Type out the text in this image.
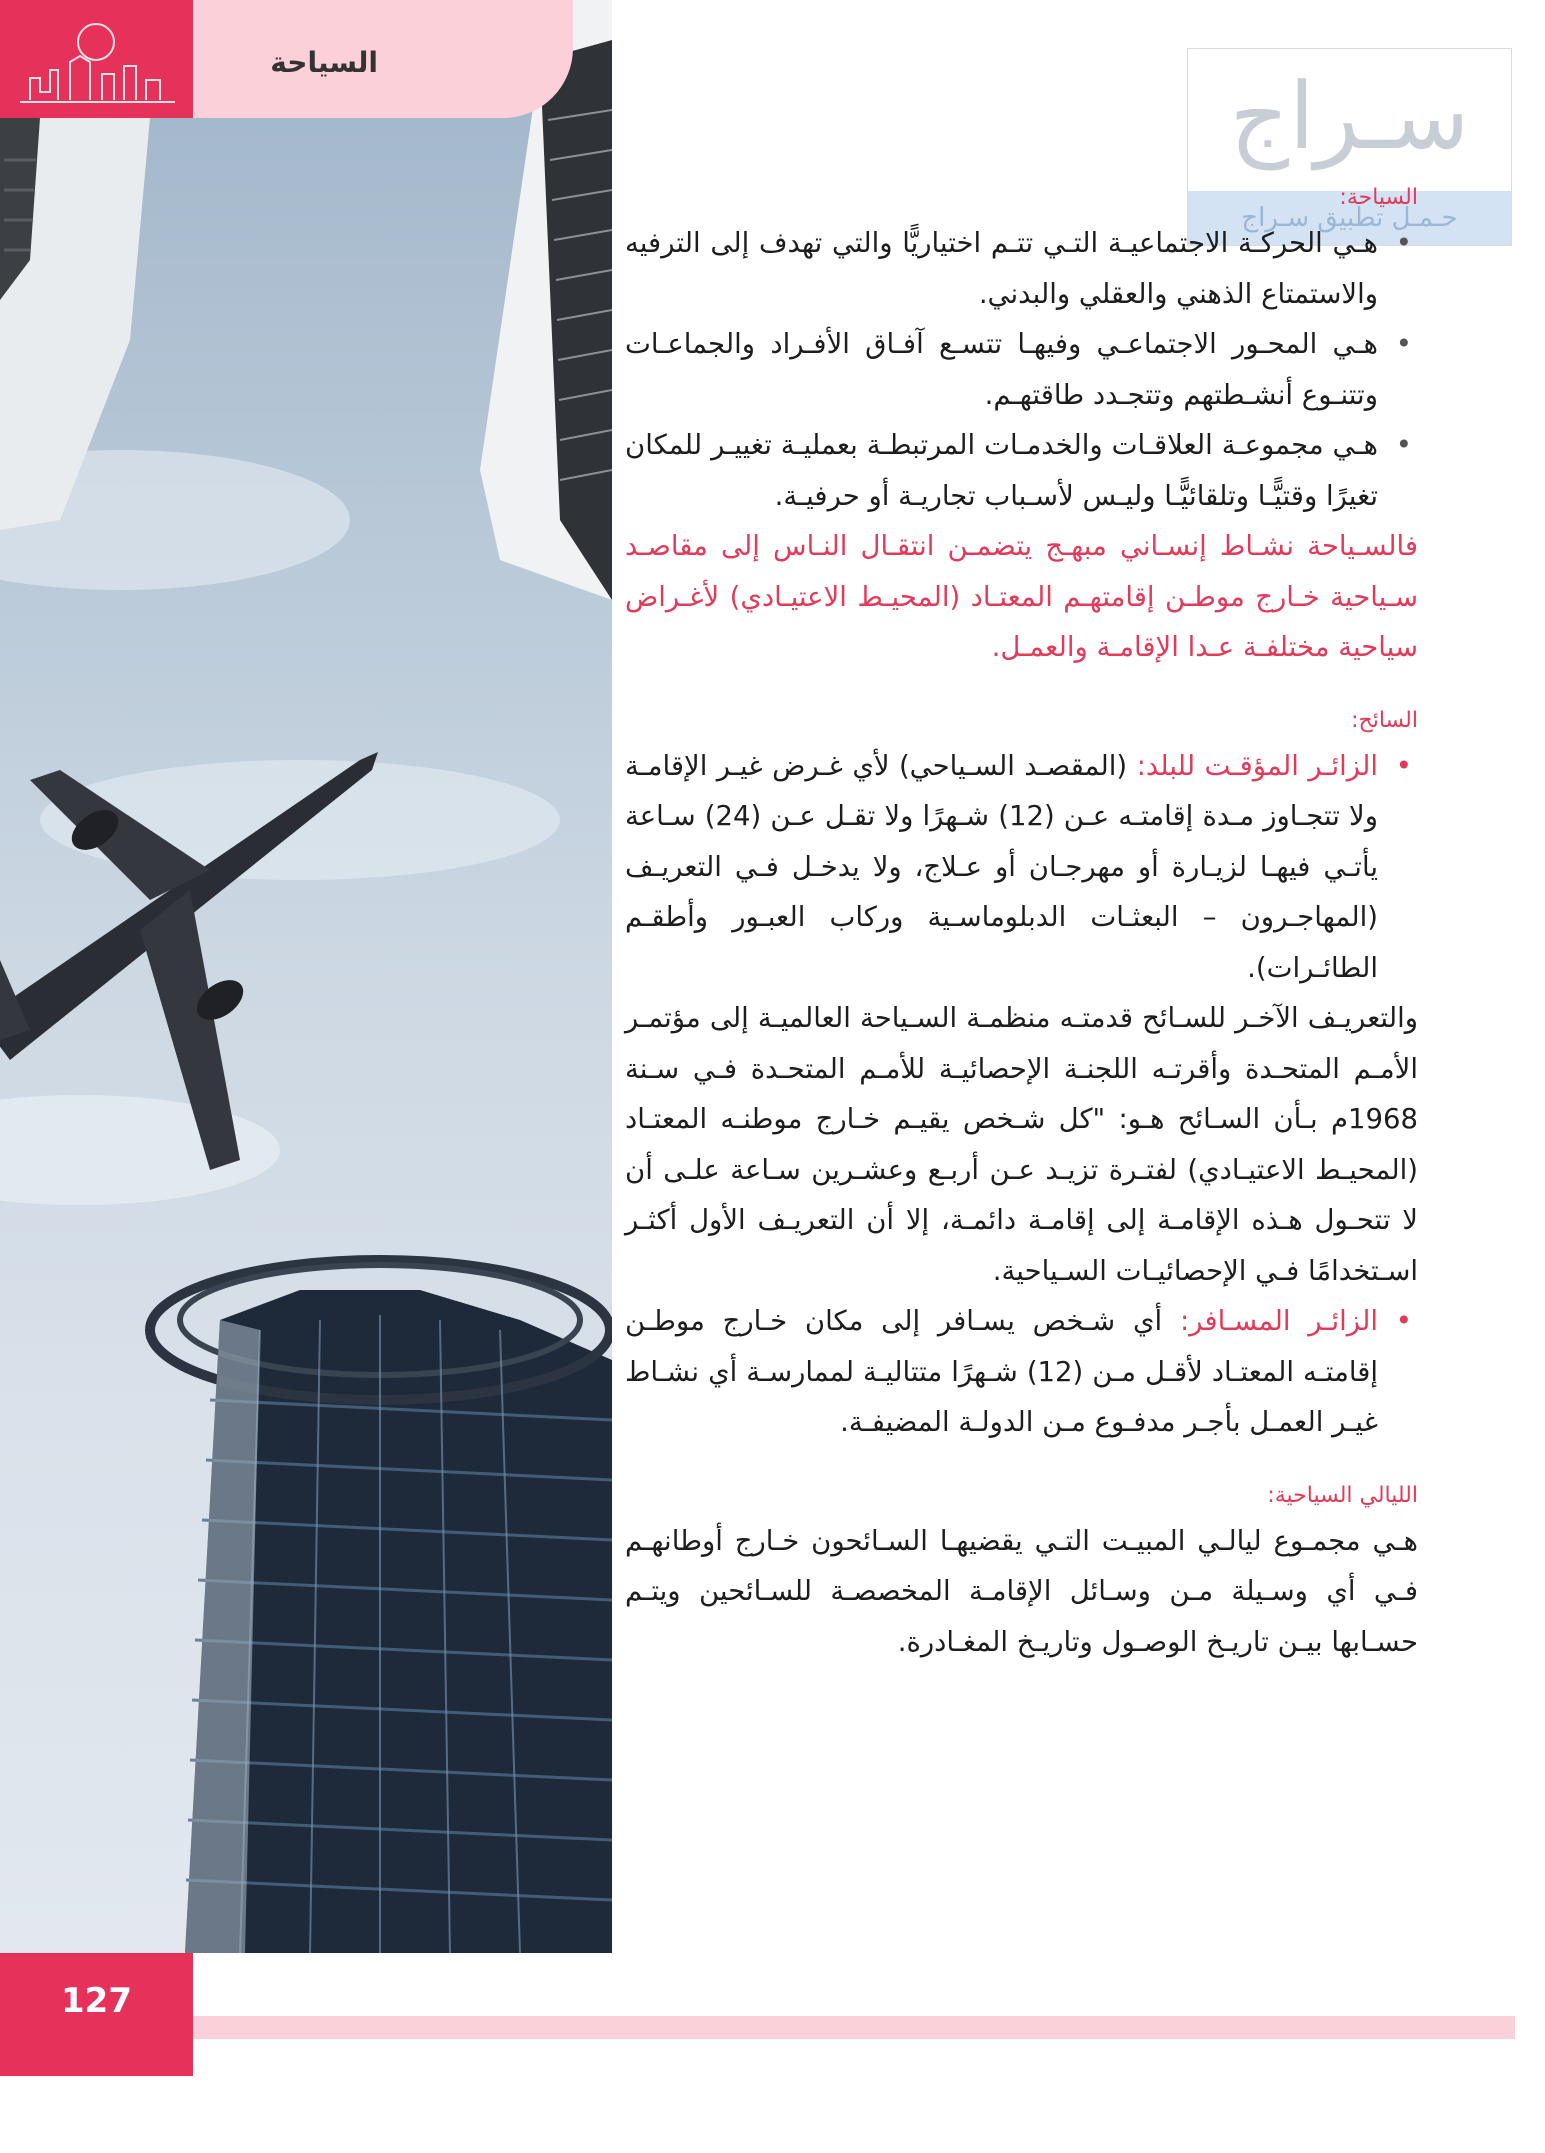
السياحة
سـراج
حـمـل تطبيق سـراج

السياحة:

• هـي الحركـة الاجتماعيـة التـي تتـم اختياريًّا والتي تهدف إلى الترفيه والاستمتاع الذهني والعقلي والبدني.
• هـي المحـور الاجتماعـي وفيهـا تتسـع آفـاق الأفـراد والجماعـات وتتنـوع أنشـطتهم وتتجـدد طاقتهـم.
• هـي مجموعـة العلاقـات والخدمـات المرتبطـة بعمليـة تغييـر للمكان تغيرًا وقتيًّـا وتلقائيًّـا وليـس لأسـباب تجاريـة أو حرفيـة.

فالسـياحة نشـاط إنسـاني مبهـج يتضمـن انتقـال النـاس إلى مقاصـد سـياحية خـارج موطـن إقامتهـم المعتـاد (المحيـط الاعتيـادي) لأغـراض سياحية مختلفـة عـدا الإقامـة والعمـل.

السائح:

• الزائـر المؤقـت للبلد: (المقصـد السـياحي) لأي غـرض غيـر الإقامـة ولا تتجـاوز مـدة إقامتـه عـن (12) شـهرًا ولا تقـل عـن (24) سـاعة يأتـي فيهـا لزيـارة أو مهرجـان أو عـلاج، ولا يدخـل فـي التعريـف (المهاجـرون – البعثـات الدبلوماسـية وركاب العبـور وأطقـم الطائـرات).

والتعريـف الآخـر للسـائح قدمتـه منظمـة السـياحة العالميـة إلى مؤتمـر الأمـم المتحـدة وأقرتـه اللجنـة الإحصائيـة للأمـم المتحـدة فـي سـنة 1968م بـأن السـائح هـو: "كل شـخص يقيـم خـارج موطنـه المعتـاد (المحيـط الاعتيـادي) لفتـرة تزيـد عـن أربـع وعشـرين سـاعة علـى أن لا تتحـول هـذه الإقامـة إلى إقامـة دائمـة، إلا أن التعريـف الأول أكثـر اسـتخدامًا فـي الإحصائيـات السـياحية.

• الزائـر المسـافر: أي شـخص يسـافر إلى مكان خـارج موطـن إقامتـه المعتـاد لأقـل مـن (12) شـهرًا متتاليـة لممارسـة أي نشـاط غيـر العمـل بأجـر مدفـوع مـن الدولـة المضيفـة.

الليالي السياحية:

هـي مجمـوع ليالـي المبيـت التـي يقضيهـا السـائحون خـارج أوطانهـم فـي أي وسـيلة مـن وسـائل الإقامـة المخصصـة للسـائحين ويتـم حسـابها بيـن تاريـخ الوصـول وتاريـخ المغـادرة.

127
